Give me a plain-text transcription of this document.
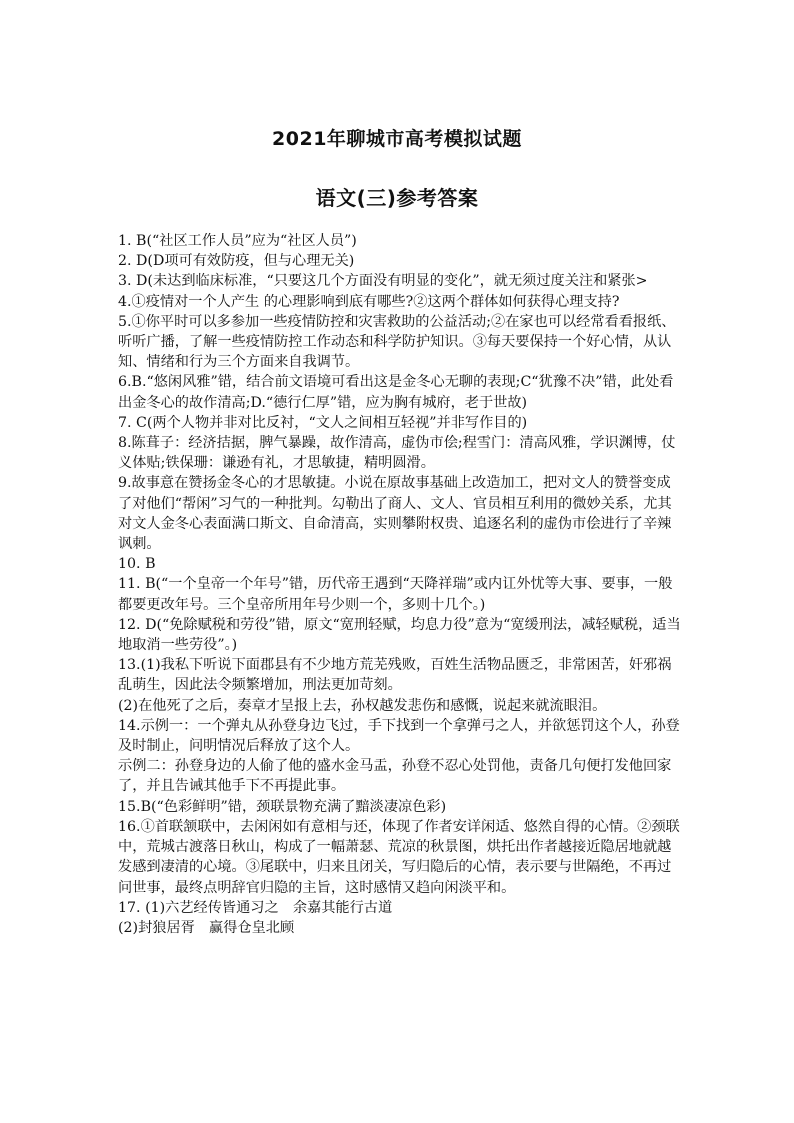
2021年聊城市高考模拟试题
语文(三)参考答案
1. B(“社区工作人员”应为“社区人员”)
2. D(D项可有效防疫，但与心理无关)
3. D(未达到临床标准，“只要这几个方面没有明显的变化”，就无须过度关注和紧张>
4.①疫情对一个人产生 的心理影响到底有哪些?②这两个群体如何获得心理支持?
5.①你平时可以多参加一些疫情防控和灾害救助的公益活动;②在家也可以经常看看报纸、听听广播，了解一些疫情防控工作动态和科学防护知识。③每天要保持一个好心情，从认知、情绪和行为三个方面来自我调节。
6.B.“悠闲风雅”错，结合前文语境可看出这是金冬心无聊的表现;C“犹豫不决”错，此处看出金冬心的故作清高;D.“德行仁厚”错，应为胸有城府，老于世故)
7. C(两个人物并非对比反衬，“文人之间相互轻视”并非写作目的)
8.陈葺子：经济拮据，脾气暴躁，故作清高，虚伪市侩;程雪门：清高风雅，学识渊博，仗义体贴;铁保珊：谦逊有礼，才思敏捷，精明圆滑。
9.故事意在赞扬金冬心的才思敏捷。小说在原故事基础上改造加工，把对文人的赞誉变成了对他们“帮闲”习气的一种批判。勾勒出了商人、文人、官员相互利用的微妙关系，尤其对文人金冬心表面满口斯文、自命清高，实则攀附权贵、追逐名利的虚伪市侩进行了辛辣讽刺。
10. B
11. B(“一个皇帝一个年号”错，历代帝王遇到“天降祥瑞”或内讧外忧等大事、要事，一般都要更改年号。三个皇帝所用年号少则一个，多则十几个。)
12. D(“免除赋税和劳役”错，原文“宽刑轻赋，均息力役”意为“宽缓刑法，减轻赋税，适当地取消一些劳役”。)
13.(1)我私下听说下面郡县有不少地方荒芜残败，百姓生活物品匮乏，非常困苦，奸邪祸乱萌生，因此法令频繁增加，刑法更加苛刻。
(2)在他死了之后，奏章才呈报上去，孙权越发悲伤和感慨，说起来就流眼泪。
14.示例一：一个弹丸从孙登身边飞过，手下找到一个拿弹弓之人，并欲惩罚这个人，孙登及时制止，问明情况后释放了这个人。
示例二：孙登身边的人偷了他的盛水金马盂，孙登不忍心处罚他，责备几句便打发他回家了，并且告诫其他手下不再提此事。
15.B(“色彩鲜明”错，颈联景物充满了黯淡凄凉色彩)
16.①首联颔联中，去闲闲如有意相与还，体现了作者安详闲适、悠然自得的心情。②颈联中，荒城古渡落日秋山，构成了一幅萧瑟、荒凉的秋景图，烘托出作者越接近隐居地就越发感到凄清的心境。③尾联中，归来且闭关，写归隐后的心情，表示要与世隔绝，不再过问世事，最终点明辞官归隐的主旨，这时感情又趋向闲淡平和。
17. (1)六艺经传皆通习之　余嘉其能行古道
(2)封狼居胥　赢得仓皇北顾
